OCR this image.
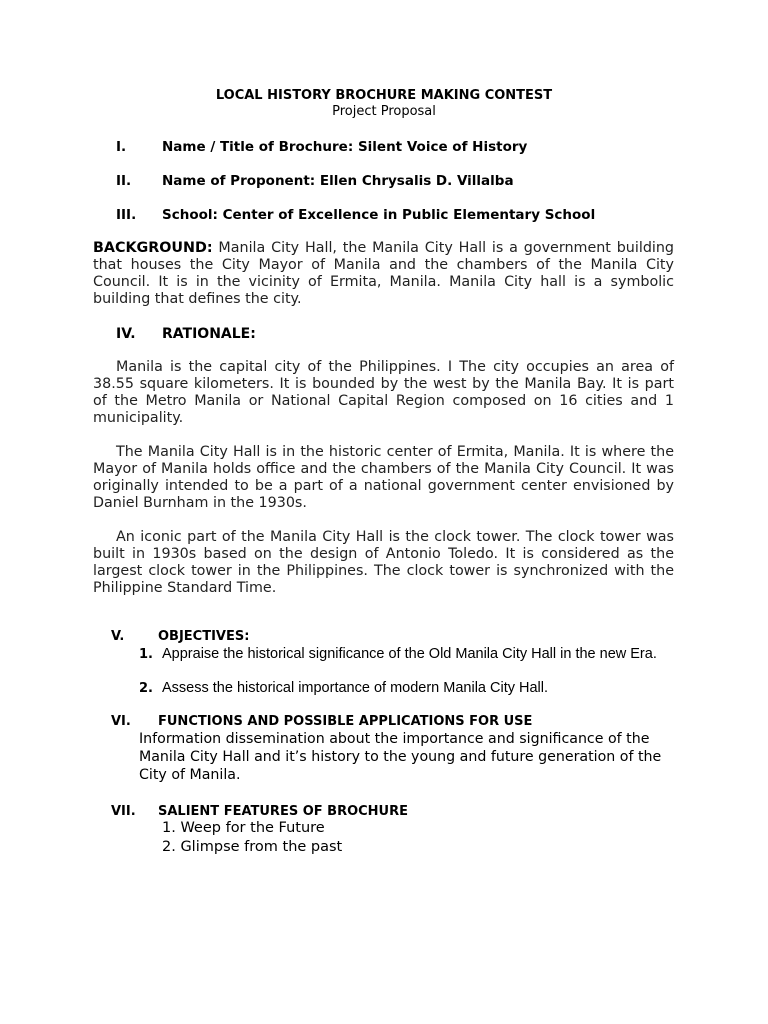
LOCAL HISTORY BROCHURE MAKING CONTEST
Project Proposal
I.	Name / Title of Brochure: Silent Voice of History
II. Name of Proponent: Ellen Chrysalis D. Villalba
III. School: Center of Excellence in Public Elementary School
BACKGROUND: Manila City Hall, the Manila City Hall is a government building that houses the City Mayor of Manila and the chambers of the Manila City Council. It is in the vicinity of Ermita, Manila. Manila City hall is a symbolic building that defines the city.
IV. RATIONALE:
Manila is the capital city of the Philippines. I The city occupies an area of 38.55 square kilometers. It is bounded by the west by the Manila Bay. It is part of the Metro Manila or National Capital Region composed on 16 cities and 1 municipality.
The Manila City Hall is in the historic center of Ermita, Manila. It is where the Mayor of Manila holds office and the chambers of the Manila City Council. It was originally intended to be a part of a national government center envisioned by Daniel Burnham in the 1930s.
An iconic part of the Manila City Hall is the clock tower. The clock tower was built in 1930s based on the design of Antonio Toledo. It is considered as the largest clock tower in the Philippines. The clock tower is synchronized with the Philippine Standard Time.
V.	OBJECTIVES:
1. Appraise the historical significance of the Old Manila City Hall in the new Era.
2. Assess the historical importance of modern Manila City Hall.
VI. FUNCTIONS AND POSSIBLE APPLICATIONS FOR USE
Information dissemination about the importance and significance of the Manila City Hall and it’s history to the young and future generation of the City of Manila.
VII. SALIENT FEATURES OF BROCHURE
1. Weep for the Future
2. Glimpse from the past
